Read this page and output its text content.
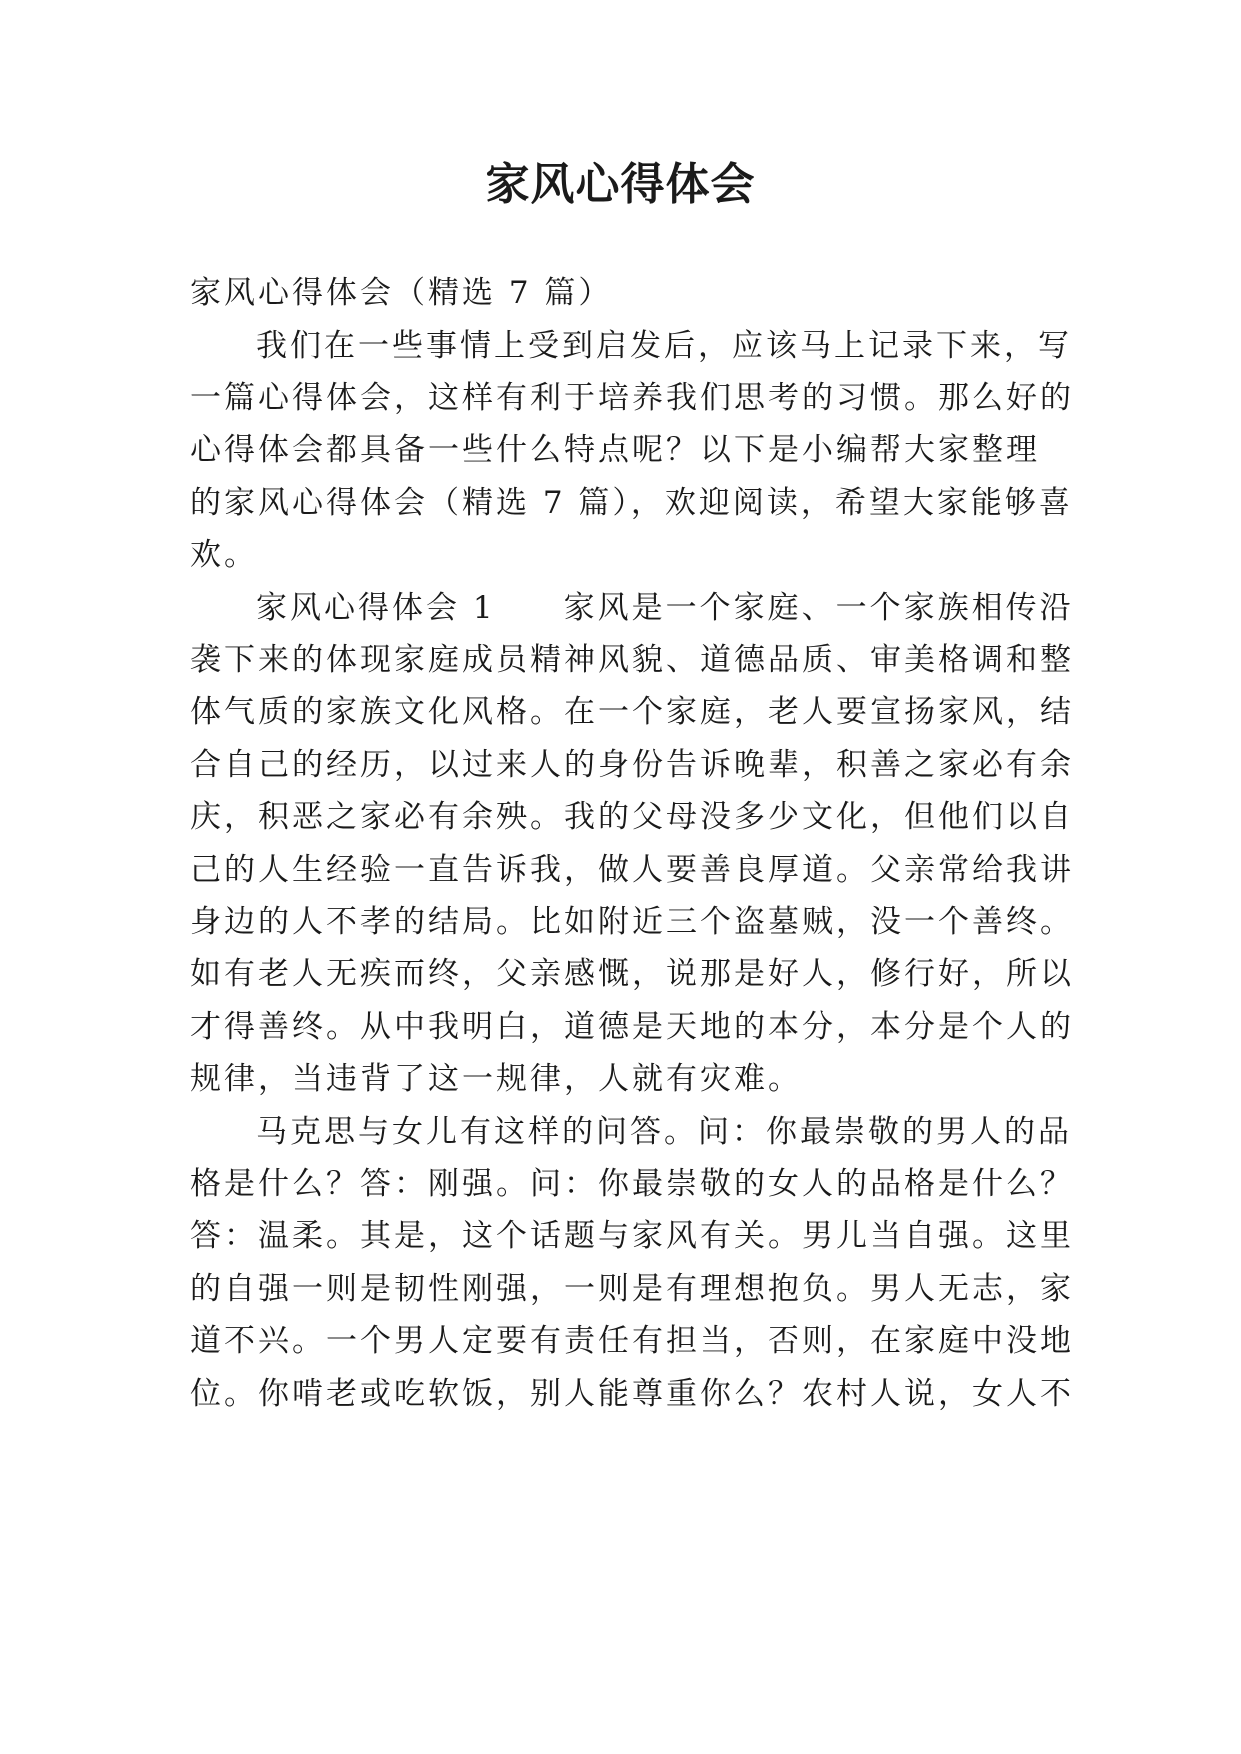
家风心得体会
家风心得体会（精选 7 篇）
我们在一些事情上受到启发后，应该马上记录下来，写
一篇心得体会，这样有利于培养我们思考的习惯。那么好的
心得体会都具备一些什么特点呢？以下是小编帮大家整理
的家风心得体会（精选 7 篇），欢迎阅读，希望大家能够喜
欢。
家风心得体会 1　　家风是一个家庭、一个家族相传沿
袭下来的体现家庭成员精神风貌、道德品质、审美格调和整
体气质的家族文化风格。在一个家庭，老人要宣扬家风，结
合自己的经历，以过来人的身份告诉晚辈，积善之家必有余
庆，积恶之家必有余殃。我的父母没多少文化，但他们以自
己的人生经验一直告诉我，做人要善良厚道。父亲常给我讲
身边的人不孝的结局。比如附近三个盗墓贼，没一个善终。
如有老人无疾而终，父亲感慨，说那是好人，修行好，所以
才得善终。从中我明白，道德是天地的本分，本分是个人的
规律，当违背了这一规律，人就有灾难。
马克思与女儿有这样的问答。问：你最崇敬的男人的品
格是什么？答：刚强。问：你最崇敬的女人的品格是什么？
答：温柔。其是，这个话题与家风有关。男儿当自强。这里
的自强一则是韧性刚强，一则是有理想抱负。男人无志，家
道不兴。一个男人定要有责任有担当，否则，在家庭中没地
位。你啃老或吃软饭，别人能尊重你么？农村人说，女人不
